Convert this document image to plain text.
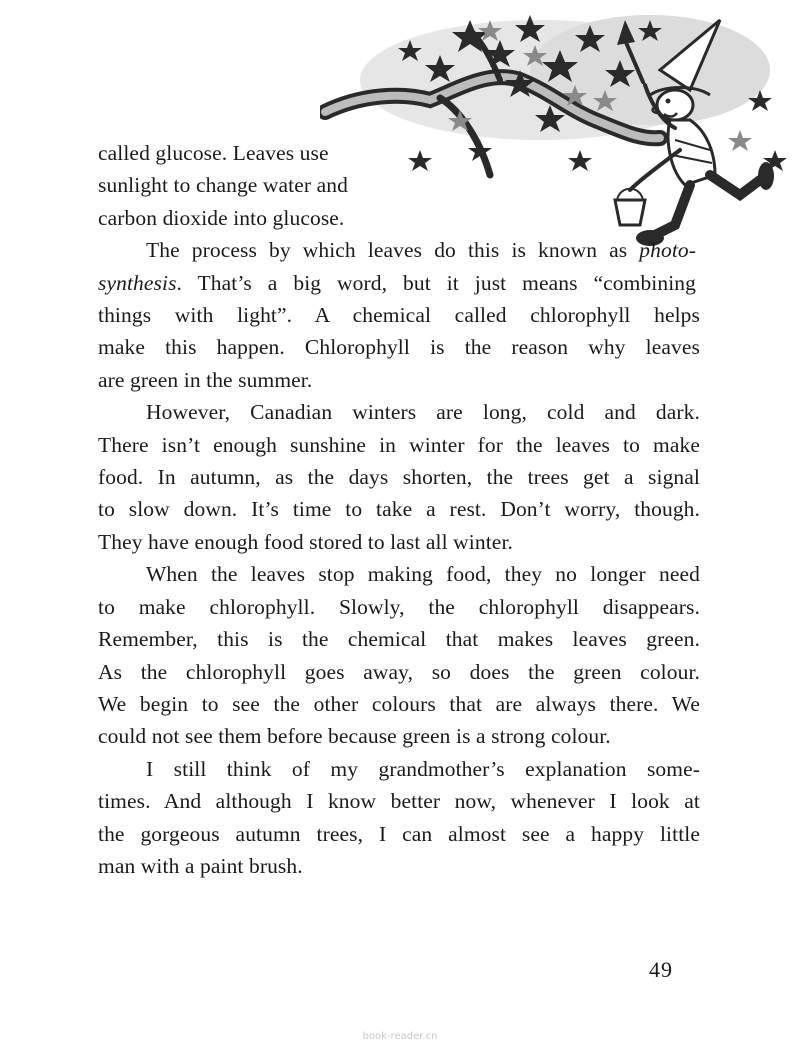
called glucose. Leaves use
sunlight to change water and
carbon dioxide into glucose.
The process by which leaves do this is known as photo-
synthesis. That’s a big word, but it just means “combining
things with light”. A chemical called chlorophyll helps
make this happen. Chlorophyll is the reason why leaves
are green in the summer.
However, Canadian winters are long, cold and dark.
There isn’t enough sunshine in winter for the leaves to make
food. In autumn, as the days shorten, the trees get a signal
to slow down. It’s time to take a rest. Don’t worry, though.
They have enough food stored to last all winter.
When the leaves stop making food, they no longer need
to make chlorophyll. Slowly, the chlorophyll disappears.
Remember, this is the chemical that makes leaves green.
As the chlorophyll goes away, so does the green colour.
We begin to see the other colours that are always there. We
could not see them before because green is a strong colour.
I still think of my grandmother’s explanation some-
times. And although I know better now, whenever I look at
the gorgeous autumn trees, I can almost see a happy little
man with a paint brush.
49
book-reader.cn
